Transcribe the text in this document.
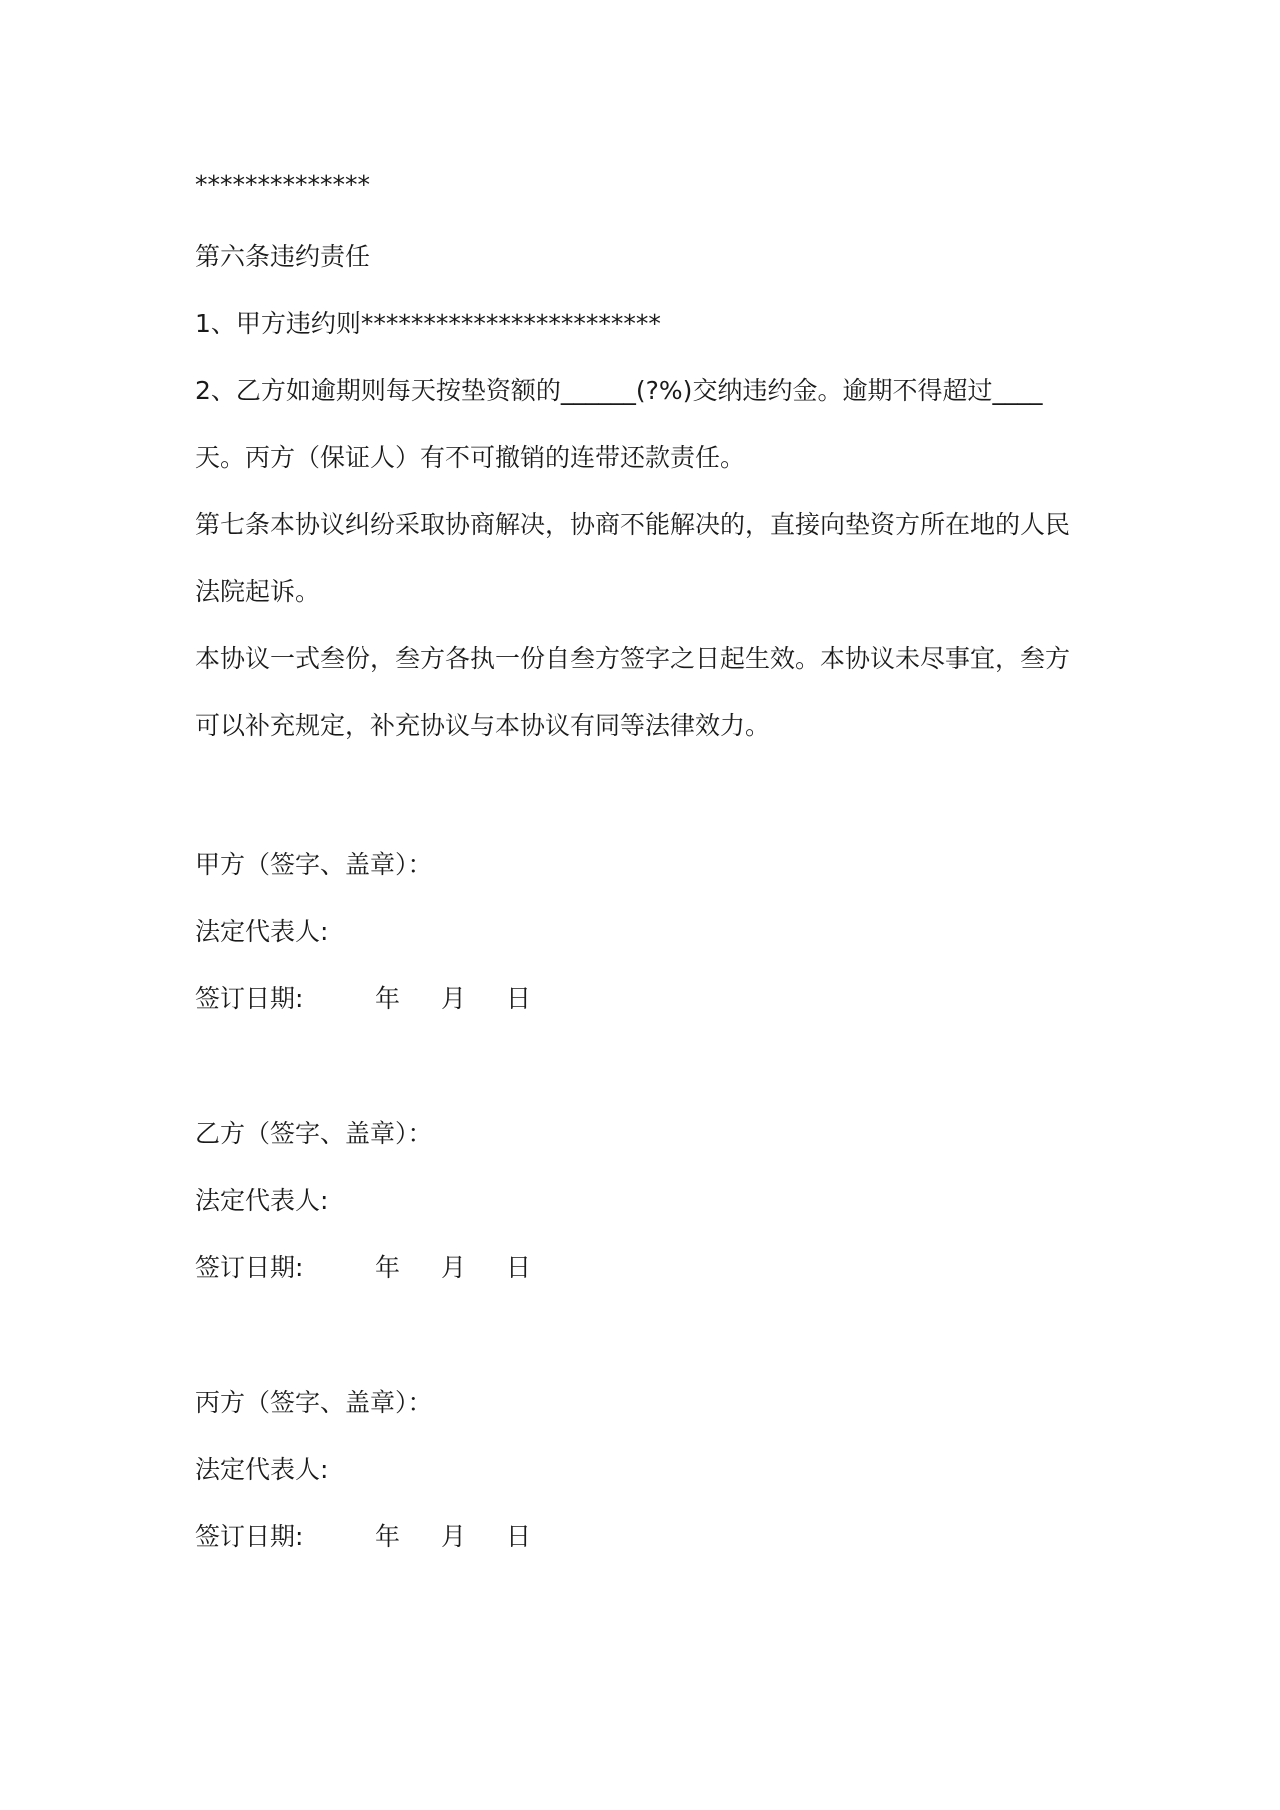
**************
第六条违约责任
1、甲方违约则************************
2、乙方如逾期则每天按垫资额的______(?%)交纳违约金。逾期不得超过____
天。丙方（保证人）有不可撤销的连带还款责任。
第七条本协议纠纷采取协商解决，协商不能解决的，直接向垫资方所在地的人民
法院起诉。
本协议一式叁份，叁方各执一份自叁方签字之日起生效。本协议未尽事宜，叁方
可以补充规定，补充协议与本协议有同等法律效力。
甲方（签字、盖章）：
法定代表人:
签订日期:	年 月 日
乙方（签字、盖章）：
法定代表人:
签订日期:	年 月 日
丙方（签字、盖章）：
法定代表人:
签订日期:	年 月 日
